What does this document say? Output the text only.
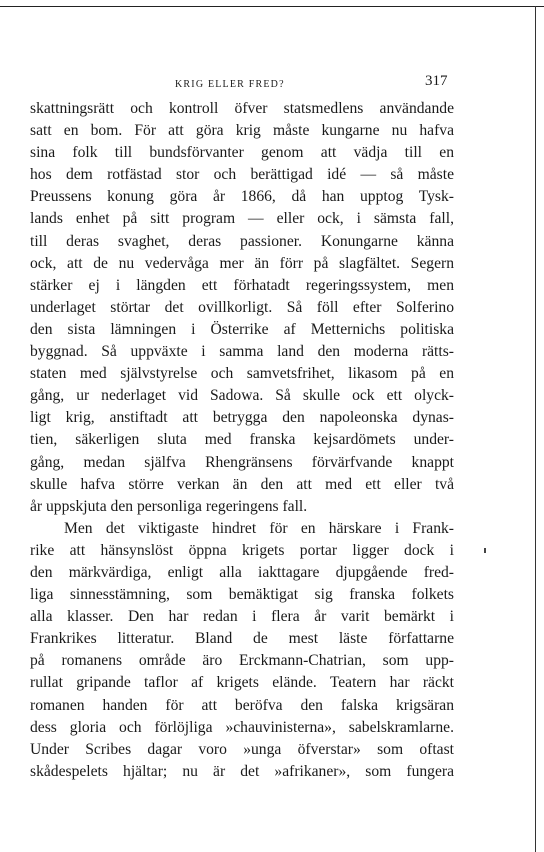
KRIG ELLER FRED?	317
skattningsrätt och kontroll öfver statsmedlens användande
satt en bom. För att göra krig måste kungarne nu hafva
sina folk till bundsförvanter genom att vädja till en
hos dem rotfästad stor och berättigad idé — så måste
Preussens konung göra år 1866, då han upptog Tysk-
lands enhet på sitt program — eller ock, i sämsta fall,
till deras svaghet, deras passioner. Konungarne känna
ock, att de nu vedervåga mer än förr på slagfältet. Segern
stärker ej i längden ett förhatadt regeringssystem, men
underlaget störtar det ovillkorligt. Så föll efter Solferino
den sista lämningen i Österrike af Metternichs politiska
byggnad. Så uppväxte i samma land den moderna rätts-
staten med självstyrelse och samvetsfrihet, likasom på en
gång, ur nederlaget vid Sadowa. Så skulle ock ett olyck-
ligt krig, anstiftadt att betrygga den napoleonska dynas-
tien, säkerligen sluta med franska kejsardömets under-
gång, medan själfva Rhengränsens förvärfvande knappt
skulle hafva större verkan än den att med ett eller två
år uppskjuta den personliga regeringens fall.
Men det viktigaste hindret för en härskare i Frank-
rike att hänsynslöst öppna krigets portar ligger dock i
den märkvärdiga, enligt alla iakttagare djupgående fred-
liga sinnesstämning, som bemäktigat sig franska folkets
alla klasser. Den har redan i flera år varit bemärkt i
Frankrikes litteratur. Bland de mest läste författarne
på romanens område äro Erckmann-Chatrian, som upp-
rullat gripande taflor af krigets elände. Teatern har räckt
romanen handen för att beröfva den falska krigsäran
dess gloria och förlöjliga »chauvinisterna», sabelskramlarne.
Under Scribes dagar voro »unga öfverstar» som oftast
skådespelets hjältar; nu är det »afrikaner», som fungera
